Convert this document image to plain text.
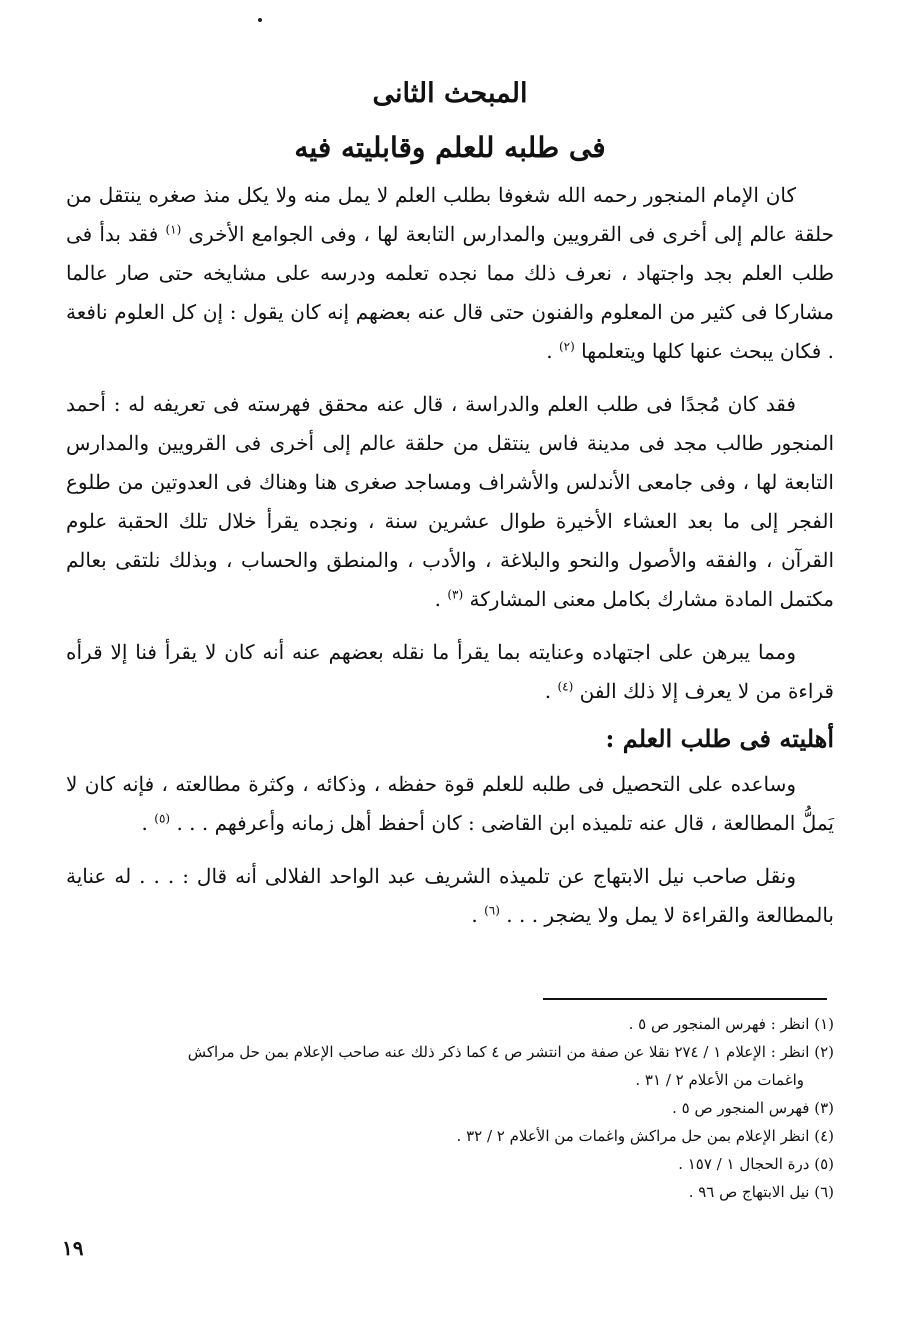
المبحث الثانى
فى طلبه للعلم وقابليته فيه

كان الإمام المنجور رحمه الله شغوفا بطلب العلم لا يمل منه ولا يكل منذ صغره ينتقل من حلقة عالم إلى أخرى فى القرويين والمدارس التابعة لها ، وفى الجوامع الأخرى $^{(١)}$ فقد بدأ فى طلب العلم بجد واجتهاد ، نعرف ذلك مما نجده تعلمه ودرسه على مشايخه حتى صار عالما مشاركا فى كثير من المعلوم والفنون حتى قال عنه بعضهم إنه كان يقول : إن كل العلوم نافعة . فكان يبحث عنها كلها ويتعلمها $^{(٢)}$ .

فقد كان مُجدًا فى طلب العلم والدراسة ، قال عنه محقق فهرسته فى تعريفه له : أحمد المنجور طالب مجد فى مدينة فاس ينتقل من حلقة عالم إلى أخرى فى القرويين والمدارس التابعة لها ، وفى جامعى الأندلس والأشراف ومساجد صغرى هنا وهناك فى العدوتين من طلوع الفجر إلى ما بعد العشاء الأخيرة طوال عشرين سنة ، ونجده يقرأ خلال تلك الحقبة علوم القرآن ، والفقه والأصول والنحو والبلاغة ، والأدب ، والمنطق والحساب ، وبذلك نلتقى بعالم مكتمل المادة مشارك بكامل معنى المشاركة $^{(٣)}$ .

ومما يبرهن على اجتهاده وعنايته بما يقرأ ما نقله بعضهم عنه أنه كان لا يقرأ فنا إلا قرأه قراءة من لا يعرف إلا ذلك الفن $^{(٤)}$ .

أهليته فى طلب العلم :

وساعده على التحصيل فى طلبه للعلم قوة حفظه ، وذكائه ، وكثرة مطالعته ، فإنه كان لا يَملُّ المطالعة ، قال عنه تلميذه ابن القاضى : كان أحفظ أهل زمانه وأعرفهم . . . $^{(٥)}$ .

ونقل صاحب نيل الابتهاج عن تلميذه الشريف عبد الواحد الفلالى أنه قال : . . . له عناية بالمطالعة والقراءة لا يمل ولا يضجر . . . $^{(٦)}$ .

(١) انظر : فهرس المنجور ص ٥ .

(٢) انظر : الإعلام ١ / ٢٧٤ نقلا عن صفة من انتشر ص ٤ كما ذكر ذلك عنه صاحب الإعلام بمن حل مراكش

واغمات من الأعلام ٢ / ٣١ .

(٣) فهرس المنجور ص ٥ .

(٤) انظر الإعلام بمن حل مراكش واغمات من الأعلام ٢ / ٣٢ .

(٥) درة الحجال ١ / ١٥٧ .

(٦) نيل الابتهاج ص ٩٦ .

١٩
